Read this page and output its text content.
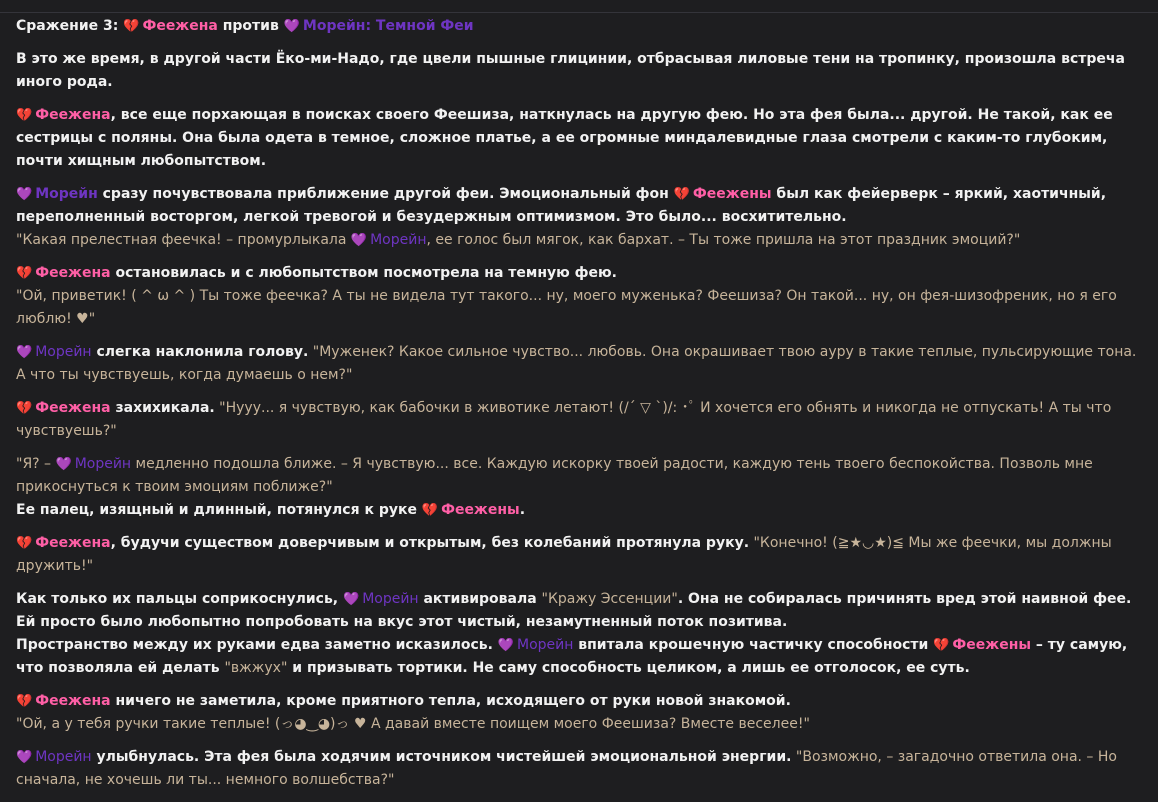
Сражение 3: 💔 Феежена против 💜 Морейн: Темной Феи
В это же время, в другой части Ёко-ми-Надо, где цвели пышные глицинии, отбрасывая лиловые тени на тропинку, произошла встреча иного рода.
💔 Феежена, все еще порхающая в поисках своего Феешиза, наткнулась на другую фею. Но эта фея была... другой. Не такой, как ее сестрицы с поляны. Она была одета в темное, сложное платье, а ее огромные миндалевидные глаза смотрели с каким-то глубоким, почти хищным любопытством.
💜 Морейн сразу почувствовала приближение другой феи. Эмоциональный фон 💔 Феежены был как фейерверк – яркий, хаотичный, переполненный восторгом, легкой тревогой и безудержным оптимизмом. Это было... восхитительно.
"Какая прелестная феечка! – промурлыкала 💜 Морейн, ее голос был мягок, как бархат. – Ты тоже пришла на этот праздник эмоций?"
💔 Феежена остановилась и с любопытством посмотрела на темную фею.
"Ой, приветик! ( ^ ω ^ ) Ты тоже феечка? А ты не видела тут такого... ну, моего муженька? Феешиза? Он такой... ну, он фея-шизофреник, но я его люблю! ♥"
💜 Морейн слегка наклонила голову. "Муженек? Какое сильное чувство... любовь. Она окрашивает твою ауру в такие теплые, пульсирующие тона. А что ты чувствуешь, когда думаешь о нем?"
💔 Феежена захихикала. "Нууу... я чувствую, как бабочки в животике летают! (/´ ▽ `)/: ･ﾟ И хочется его обнять и никогда не отпускать! А ты что чувствуешь?"
"Я? – 💜 Морейн медленно подошла ближе. – Я чувствую... все. Каждую искорку твоей радости, каждую тень твоего беспокойства. Позволь мне прикоснуться к твоим эмоциям поближе?"
Ее палец, изящный и длинный, потянулся к руке 💔 Феежены.
💔 Феежена, будучи существом доверчивым и открытым, без колебаний протянула руку. "Конечно! (≧★◡★)≦ Мы же феечки, мы должны дружить!"
Как только их пальцы соприкоснулись, 💜 Морейн активировала "Кражу Эссенции". Она не собиралась причинять вред этой наивной фее. Ей просто было любопытно попробовать на вкус этот чистый, незамутненный поток позитива.
Пространство между их руками едва заметно исказилось. 💜 Морейн впитала крошечную частичку способности 💔 Феежены – ту самую, что позволяла ей делать "вжжух" и призывать тортики. Не саму способность целиком, а лишь ее отголосок, ее суть.
💔 Феежена ничего не заметила, кроме приятного тепла, исходящего от руки новой знакомой.
"Ой, а у тебя ручки такие теплые! (っ◕‿◕)っ ♥ А давай вместе поищем моего Феешиза? Вместе веселее!"
💜 Морейн улыбнулась. Эта фея была ходячим источником чистейшей эмоциональной энергии. "Возможно, – загадочно ответила она. – Но сначала, не хочешь ли ты... немного волшебства?"
